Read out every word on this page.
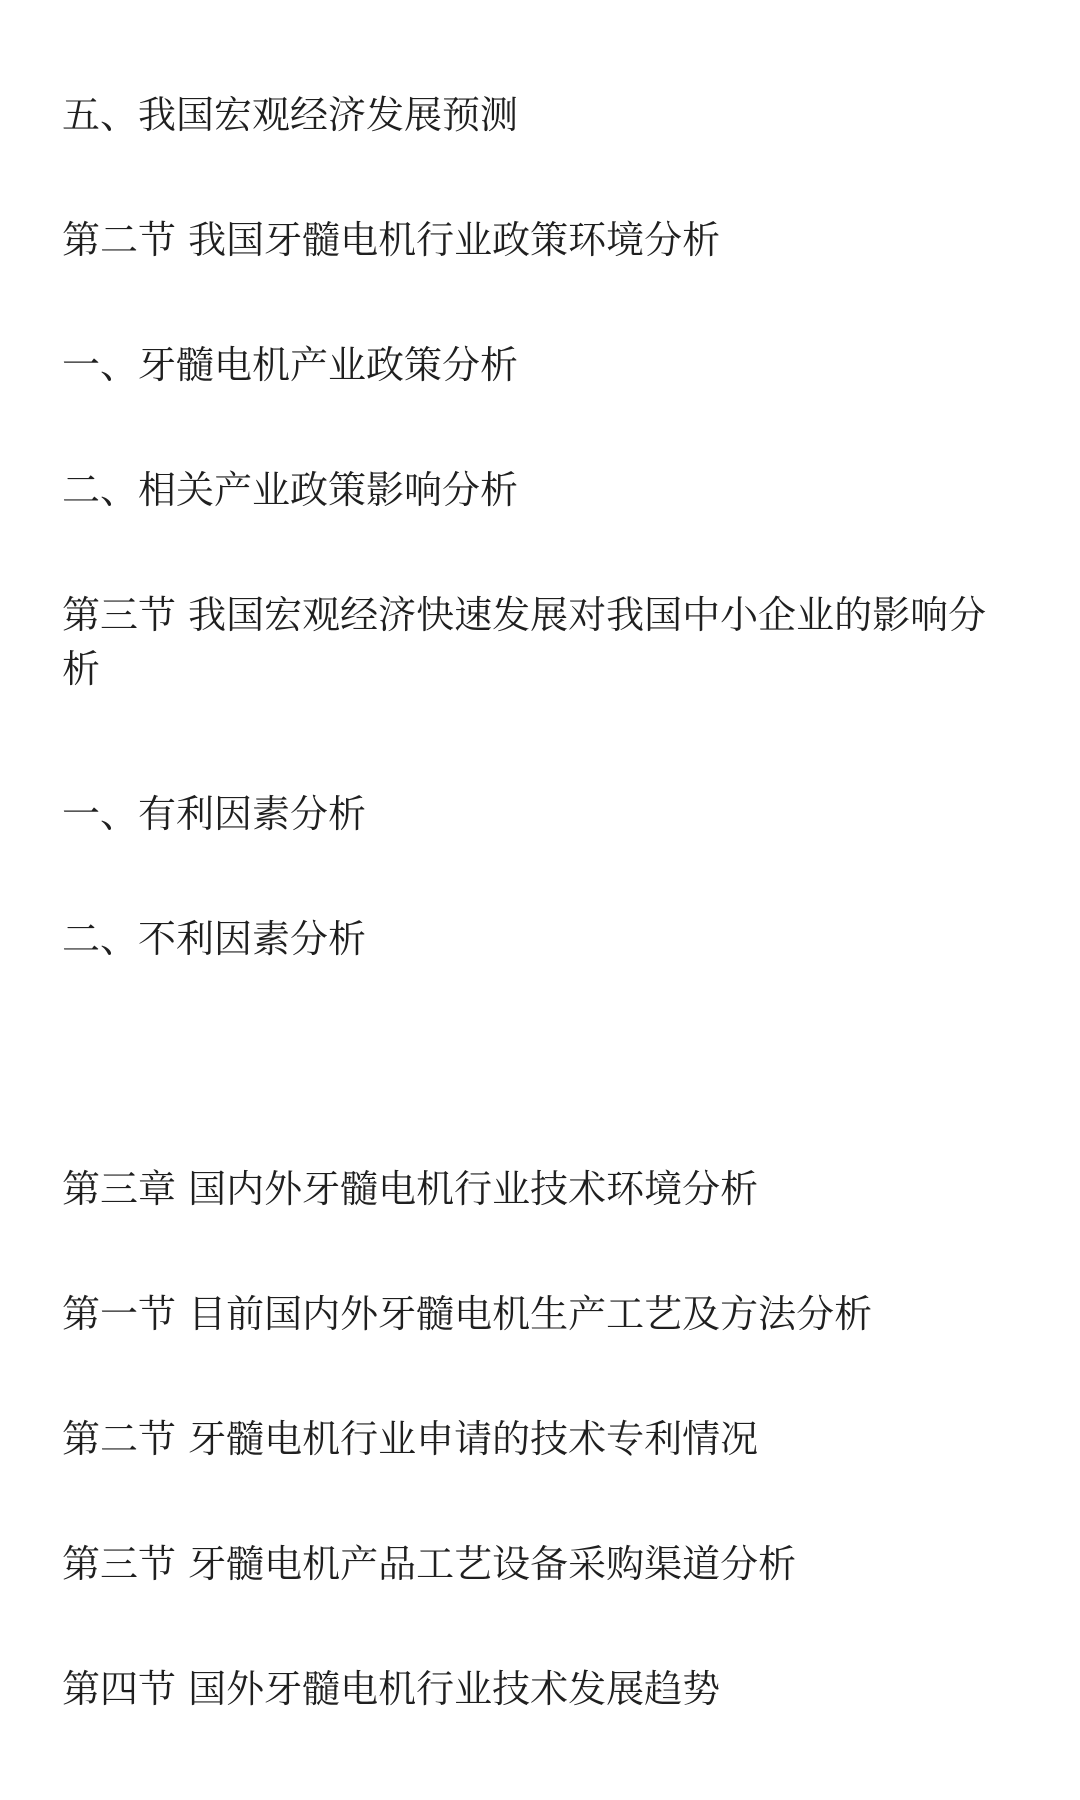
五、我国宏观经济发展预测
第二节 我国牙髓电机行业政策环境分析
一、牙髓电机产业政策分析
二、相关产业政策影响分析
第三节 我国宏观经济快速发展对我国中小企业的影响分析
一、有利因素分析
二、不利因素分析
第三章 国内外牙髓电机行业技术环境分析
第一节 目前国内外牙髓电机生产工艺及方法分析
第二节 牙髓电机行业申请的技术专利情况
第三节 牙髓电机产品工艺设备采购渠道分析
第四节 国外牙髓电机行业技术发展趋势
